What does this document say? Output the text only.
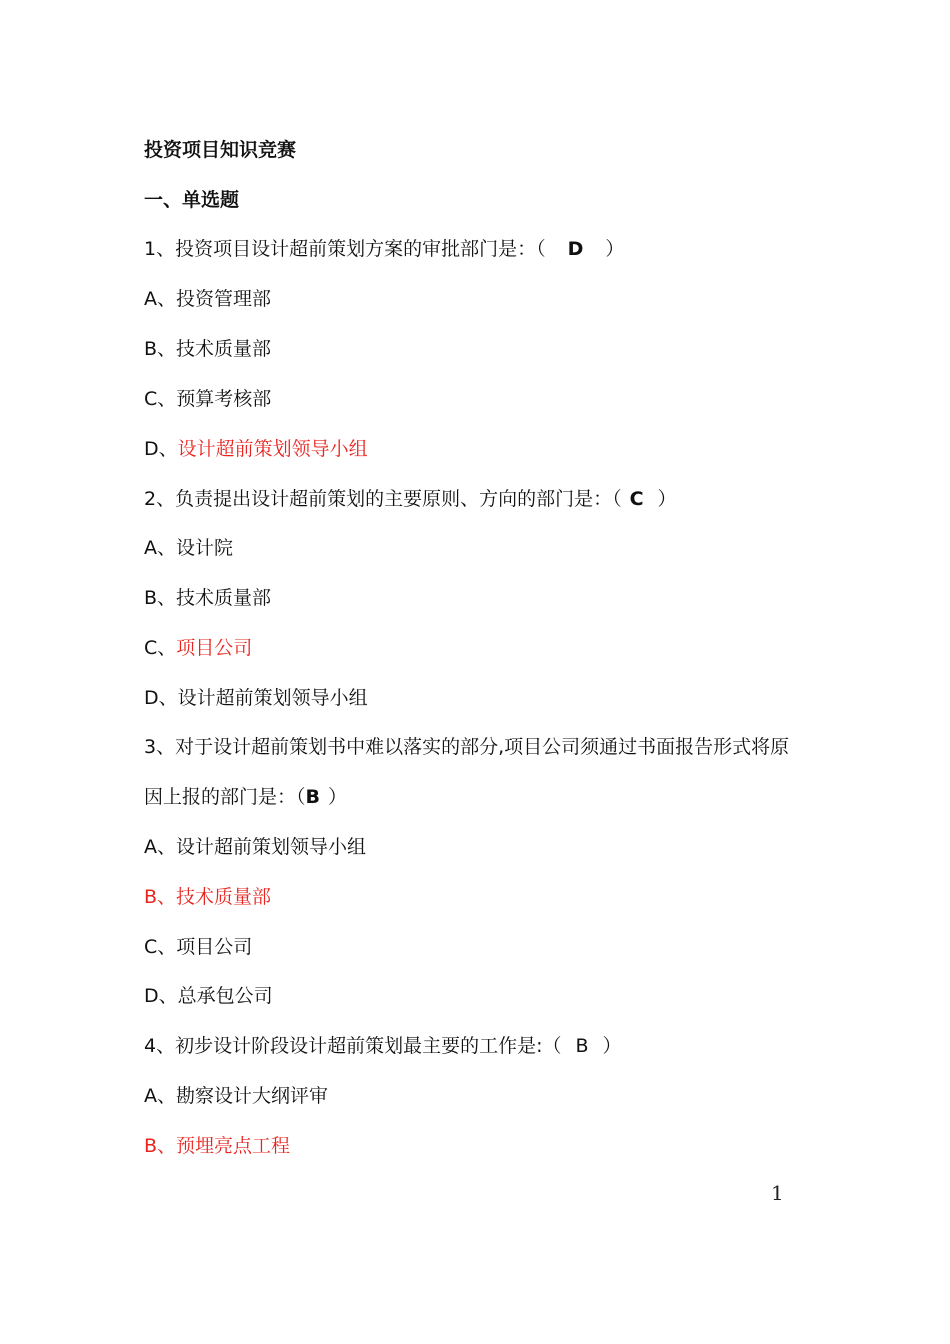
投资项目知识竞赛
一、单选题
1、投资项目设计超前策划方案的审批部门是：（ D ）
A、投资管理部
B、技术质量部
C、预算考核部
D、设计超前策划领导小组
2、负责提出设计超前策划的主要原则、方向的部门是：（ C ）
A、设计院
B、技术质量部
C、项目公司
D、设计超前策划领导小组
3、对于设计超前策划书中难以落实的部分,项目公司须通过书面报告形式将原
因上报的部门是：（B ）
A、设计超前策划领导小组
B、技术质量部
C、项目公司
D、总承包公司
4、初步设计阶段设计超前策划最主要的工作是:（ B ）
A、勘察设计大纲评审
B、预埋亮点工程
1
